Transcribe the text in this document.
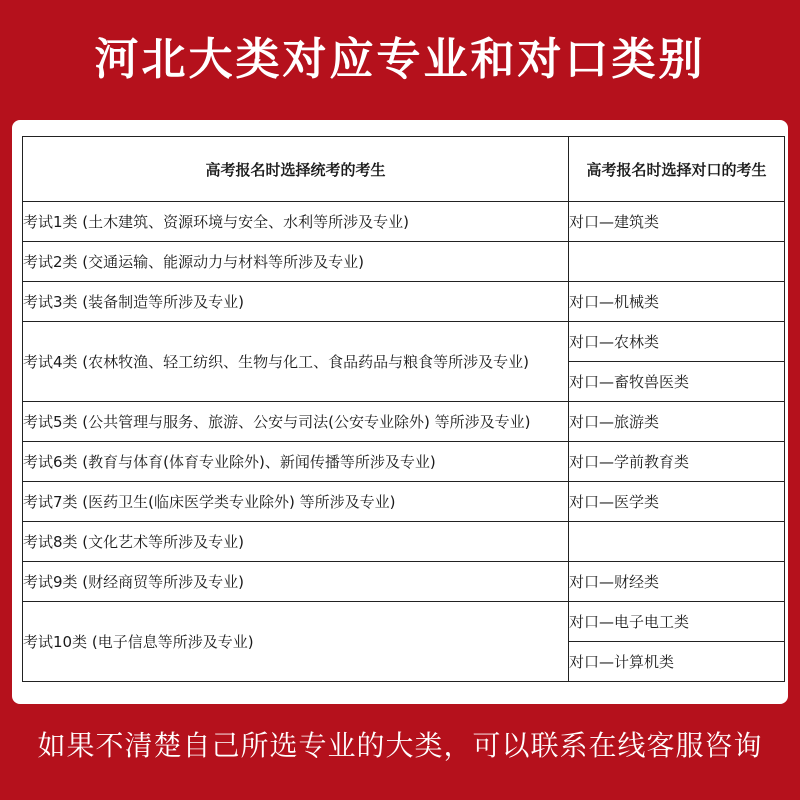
河北大类对应专业和对口类别
高考报名时选择统考的考生	高考报名时选择对口的考生
考试1类 (土木建筑、资源环境与安全、水利等所涉及专业)	对口—建筑类
考试2类 (交通运输、能源动力与材料等所涉及专业)	
考试3类 (装备制造等所涉及专业)	对口—机械类
考试4类 (农林牧渔、轻工纺织、生物与化工、食品药品与粮食等所涉及专业)	对口—农林类
	对口—畜牧兽医类
考试5类 (公共管理与服务、旅游、公安与司法(公安专业除外) 等所涉及专业)	对口—旅游类
考试6类 (教育与体育(体育专业除外)、新闻传播等所涉及专业)	对口—学前教育类
考试7类 (医药卫生(临床医学类专业除外) 等所涉及专业)	对口—医学类
考试8类 (文化艺术等所涉及专业)	
考试9类 (财经商贸等所涉及专业)	对口—财经类
考试10类 (电子信息等所涉及专业)	对口—电子电工类
	对口—计算机类
如果不清楚自己所选专业的大类，可以联系在线客服咨询
